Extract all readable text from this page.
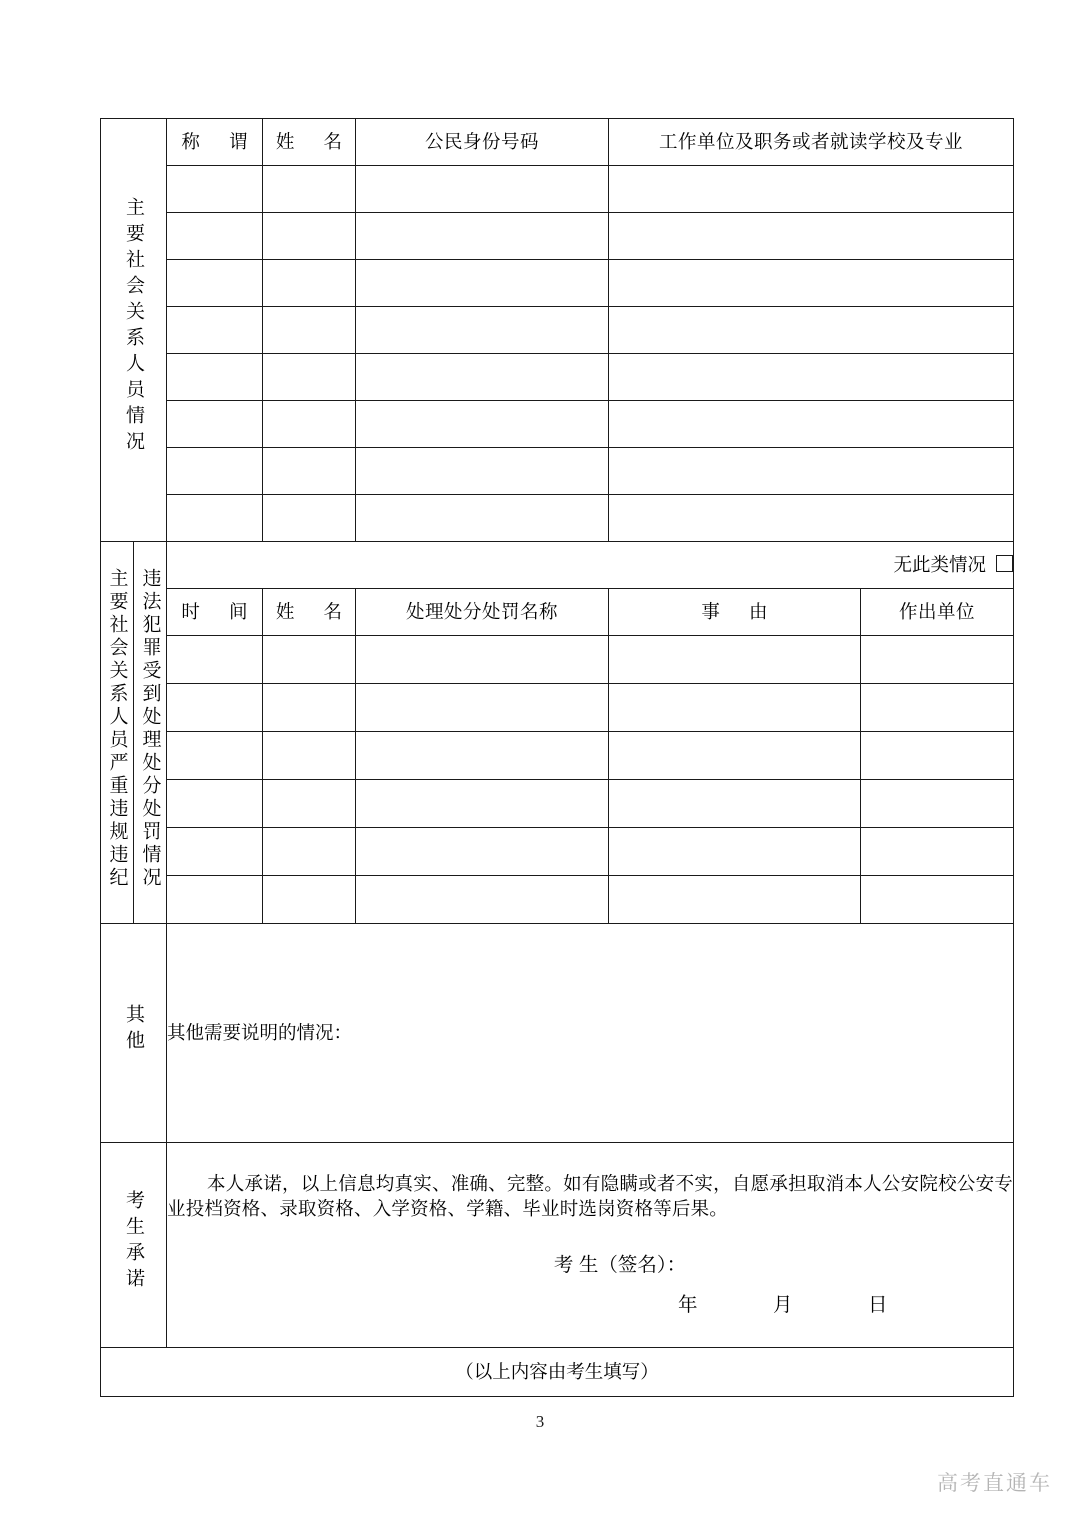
主要社会关系人员情况		称 谓	姓 名	公民身份号码	工作单位及职务或者就读学校及专业	

主要社会关系人员严重违规违纪	违法犯罪受到处理处分处罚情况	无此类情况				
		时 间	姓 名	处理处分处罚名称	事 由	作出单位

其他		其他需要说明的情况：				

考生承诺		本人承诺，以上信息均真实、准确、完整。如有隐瞒或者不实，自愿承担取消本人公安院校公安专业投档资格、录取资格、入学资格、学籍、毕业时选岗资格等后果。

考 生（签名）：
年 月 日				

（以上内容由考生填写）						
3
高考直通车
